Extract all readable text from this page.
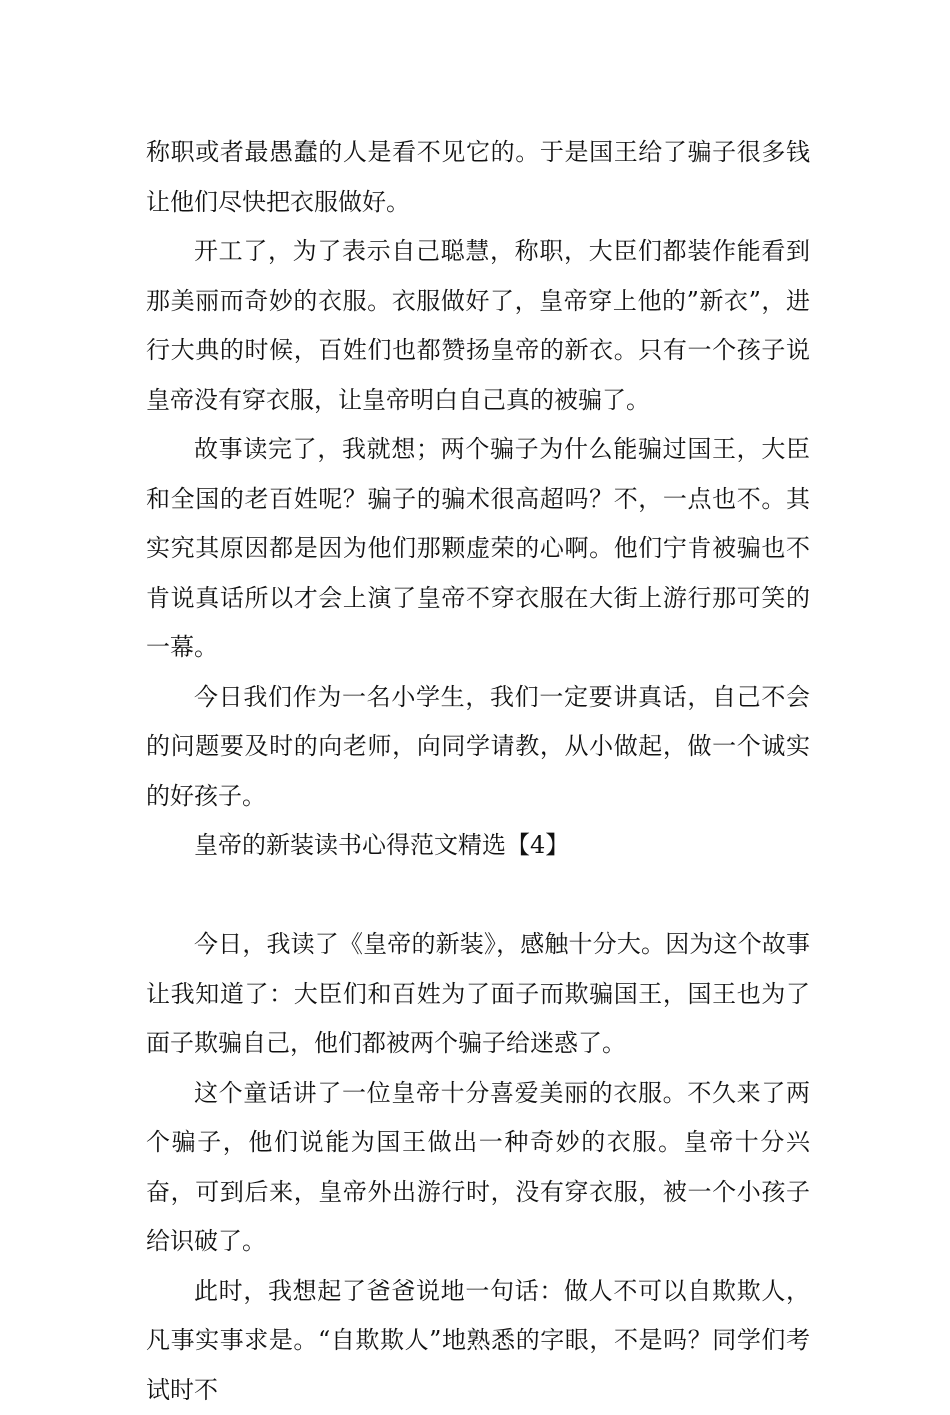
称职或者最愚蠢的人是看不见它的。于是国王给了骗子很多钱让他们尽快把衣服做好。

开工了，为了表示自己聪慧，称职，大臣们都装作能看到那美丽而奇妙的衣服。衣服做好了，皇帝穿上他的”新衣”，进行大典的时候，百姓们也都赞扬皇帝的新衣。只有一个孩子说皇帝没有穿衣服，让皇帝明白自己真的被骗了。

故事读完了，我就想；两个骗子为什么能骗过国王，大臣和全国的老百姓呢？骗子的骗术很高超吗？不，一点也不。其实究其原因都是因为他们那颗虚荣的心啊。他们宁肯被骗也不肯说真话所以才会上演了皇帝不穿衣服在大街上游行那可笑的一幕。

今日我们作为一名小学生，我们一定要讲真话，自己不会的问题要及时的向老师，向同学请教，从小做起，做一个诚实的好孩子。

皇帝的新装读书心得范文精选【4】

今日，我读了《皇帝的新装》，感触十分大。因为这个故事让我知道了：大臣们和百姓为了面子而欺骗国王，国王也为了面子欺骗自己，他们都被两个骗子给迷惑了。

这个童话讲了一位皇帝十分喜爱美丽的衣服。不久来了两个骗子，他们说能为国王做出一种奇妙的衣服。皇帝十分兴奋，可到后来，皇帝外出游行时，没有穿衣服，被一个小孩子给识破了。

此时，我想起了爸爸说地一句话：做人不可以自欺欺人，凡事实事求是。“自欺欺人”地熟悉的字眼，不是吗？同学们考试时不
